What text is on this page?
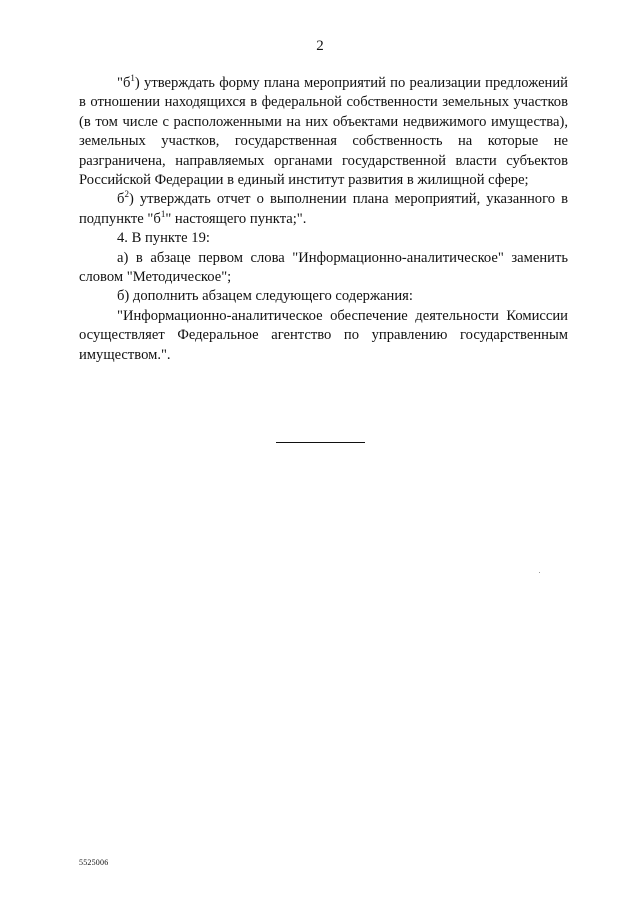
2

"$б^1$) утверждать форму плана мероприятий по реализации предложений в отношении находящихся в федеральной собственности земельных участков (в том числе с расположенными на них объектами недвижимого имущества), земельных участков, государственная собственность на которые не разграничена, направляемых органами государственной власти субъектов Российской Федерации в единый институт развития в жилищной сфере;

$б^2$) утверждать отчет о выполнении плана мероприятий, указанного в подпункте "$б^1$" настоящего пункта;".

4. В пункте 19:

а) в абзаце первом слова "Информационно-аналитическое" заменить словом "Методическое";

б) дополнить абзацем следующего содержания:

"Информационно-аналитическое обеспечение деятельности Комиссии осуществляет Федеральное агентство по управлению государственным имуществом.".

5525006
